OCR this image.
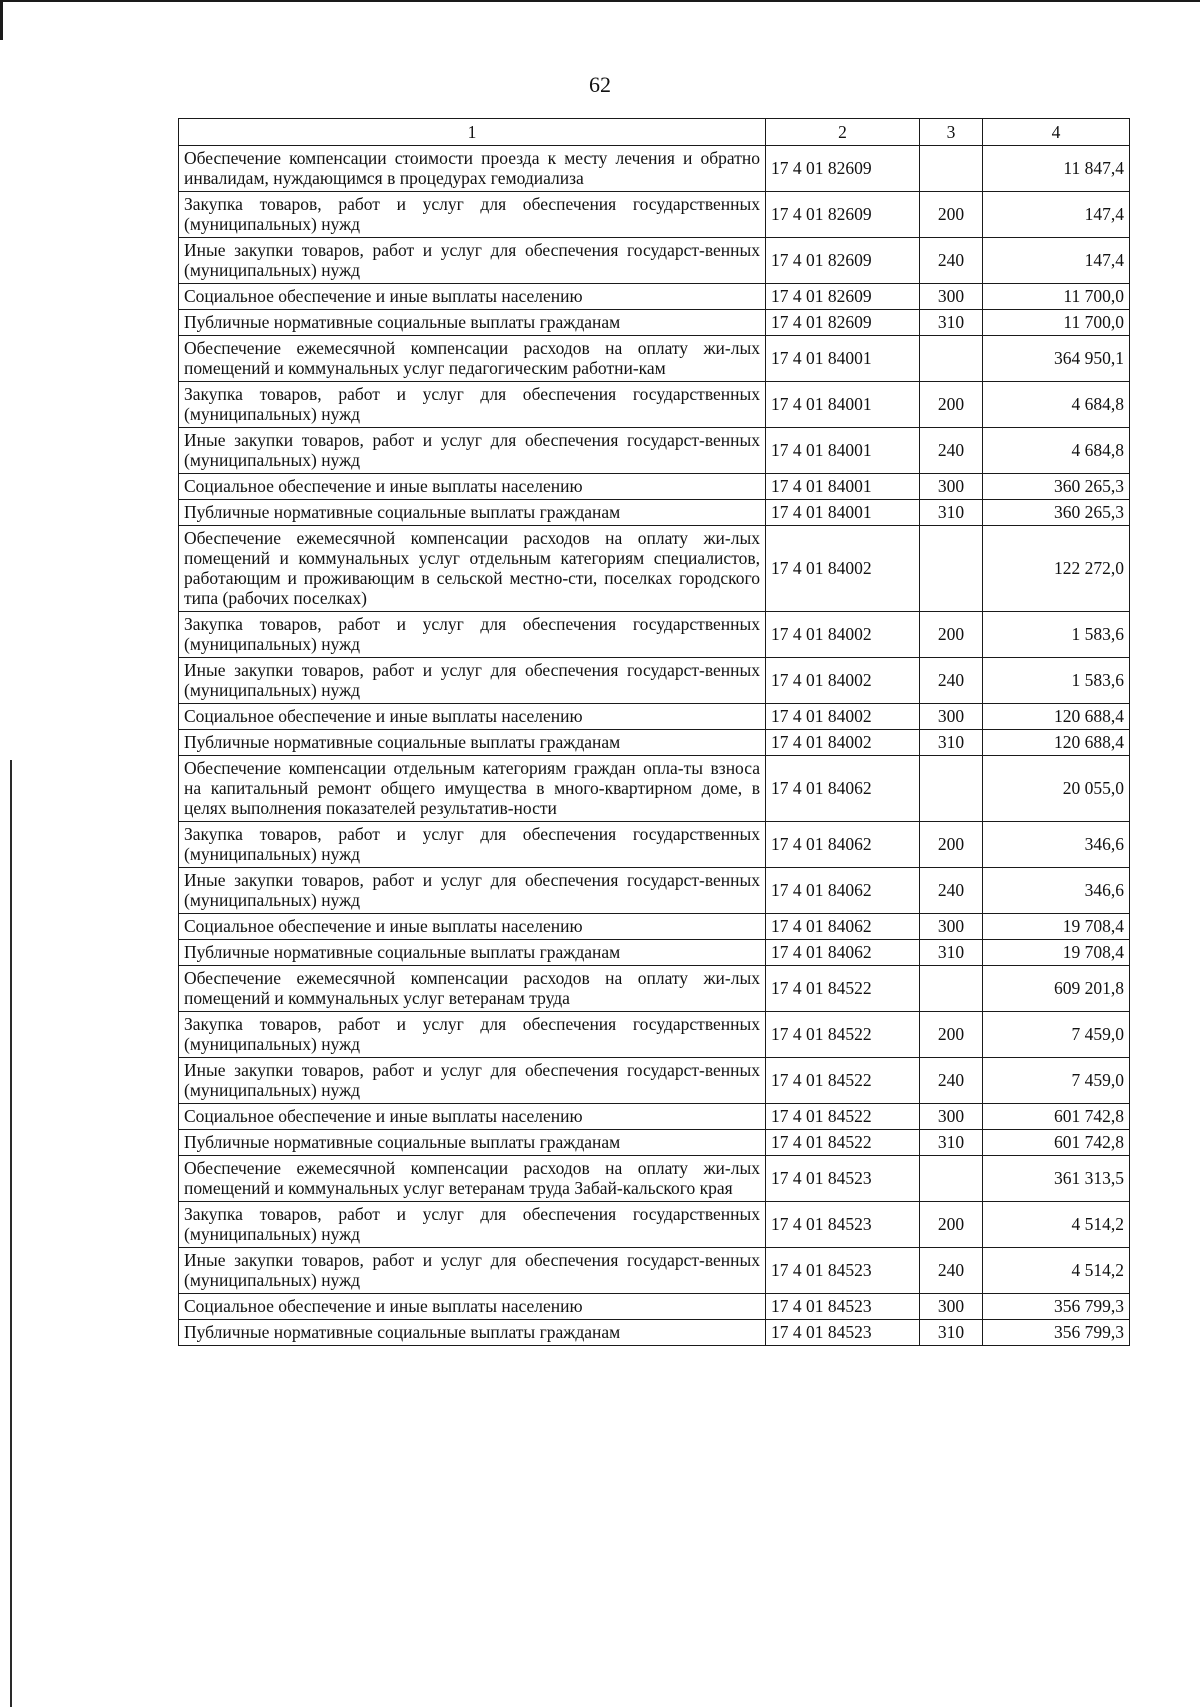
62
1	2	3	4
Обеспечение компенсации стоимости проезда к месту лечения и обратно инвалидам, нуждающимся в процедурах гемодиализа	17 4 01 82609		11 847,4
Закупка товаров, работ и услуг для обеспечения государственных (муниципальных) нужд	17 4 01 82609	200	147,4
Иные закупки товаров, работ и услуг для обеспечения государст-венных (муниципальных) нужд	17 4 01 82609	240	147,4
Социальное обеспечение и иные выплаты населению	17 4 01 82609	300	11 700,0
Публичные нормативные социальные выплаты гражданам	17 4 01 82609	310	11 700,0
Обеспечение ежемесячной компенсации расходов на оплату жи-лых помещений и коммунальных услуг педагогическим работни-кам	17 4 01 84001		364 950,1
Закупка товаров, работ и услуг для обеспечения государственных (муниципальных) нужд	17 4 01 84001	200	4 684,8
Иные закупки товаров, работ и услуг для обеспечения государст-венных (муниципальных) нужд	17 4 01 84001	240	4 684,8
Социальное обеспечение и иные выплаты населению	17 4 01 84001	300	360 265,3
Публичные нормативные социальные выплаты гражданам	17 4 01 84001	310	360 265,3
Обеспечение ежемесячной компенсации расходов на оплату жи-лых помещений и коммунальных услуг отдельным категориям специалистов, работающим и проживающим в сельской местно-сти, поселках городского типа (рабочих поселках)	17 4 01 84002		122 272,0
Закупка товаров, работ и услуг для обеспечения государственных (муниципальных) нужд	17 4 01 84002	200	1 583,6
Иные закупки товаров, работ и услуг для обеспечения государст-венных (муниципальных) нужд	17 4 01 84002	240	1 583,6
Социальное обеспечение и иные выплаты населению	17 4 01 84002	300	120 688,4
Публичные нормативные социальные выплаты гражданам	17 4 01 84002	310	120 688,4
Обеспечение компенсации отдельным категориям граждан опла-ты взноса на капитальный ремонт общего имущества в много-квартирном доме, в целях выполнения показателей результатив-ности	17 4 01 84062		20 055,0
Закупка товаров, работ и услуг для обеспечения государственных (муниципальных) нужд	17 4 01 84062	200	346,6
Иные закупки товаров, работ и услуг для обеспечения государст-венных (муниципальных) нужд	17 4 01 84062	240	346,6
Социальное обеспечение и иные выплаты населению	17 4 01 84062	300	19 708,4
Публичные нормативные социальные выплаты гражданам	17 4 01 84062	310	19 708,4
Обеспечение ежемесячной компенсации расходов на оплату жи-лых помещений и коммунальных услуг ветеранам труда	17 4 01 84522		609 201,8
Закупка товаров, работ и услуг для обеспечения государственных (муниципальных) нужд	17 4 01 84522	200	7 459,0
Иные закупки товаров, работ и услуг для обеспечения государст-венных (муниципальных) нужд	17 4 01 84522	240	7 459,0
Социальное обеспечение и иные выплаты населению	17 4 01 84522	300	601 742,8
Публичные нормативные социальные выплаты гражданам	17 4 01 84522	310	601 742,8
Обеспечение ежемесячной компенсации расходов на оплату жи-лых помещений и коммунальных услуг ветеранам труда Забай-кальского края	17 4 01 84523		361 313,5
Закупка товаров, работ и услуг для обеспечения государственных (муниципальных) нужд	17 4 01 84523	200	4 514,2
Иные закупки товаров, работ и услуг для обеспечения государст-венных (муниципальных) нужд	17 4 01 84523	240	4 514,2
Социальное обеспечение и иные выплаты населению	17 4 01 84523	300	356 799,3
Публичные нормативные социальные выплаты гражданам	17 4 01 84523	310	356 799,3
